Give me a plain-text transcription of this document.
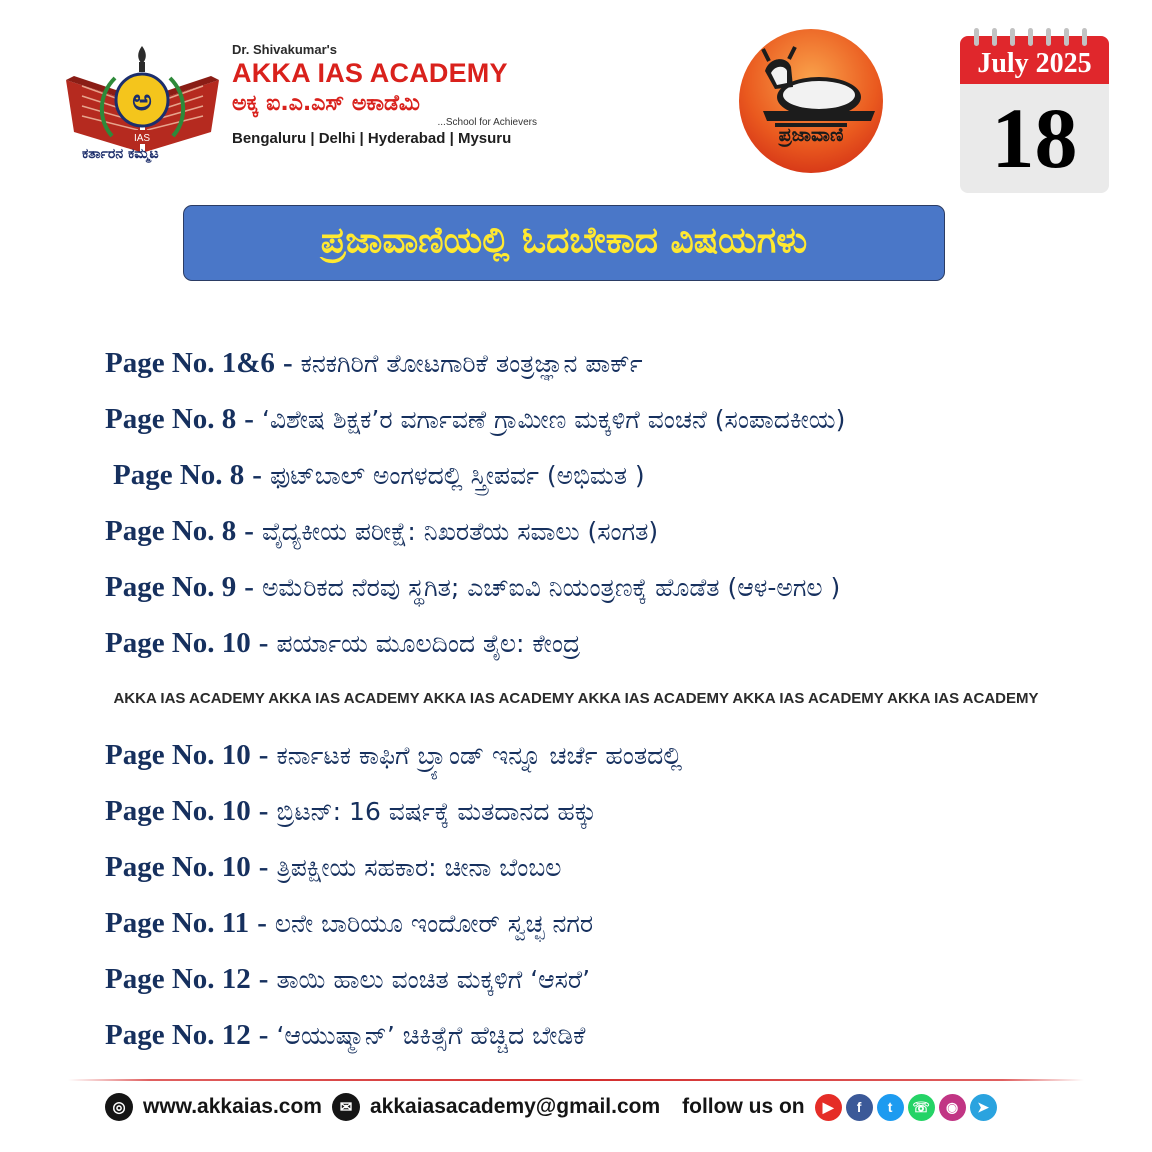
ಅ
IAS
ಕರ್ತಾರನ ಕಮ್ಮಟ
Dr. Shivakumar's
AKKA IAS ACADEMY
ಅಕ್ಕ ಐ.ಎ.ಎಸ್ ಅಕಾಡೆಮಿ
...School for Achievers
Bengaluru | Delhi | Hyderabad | Mysuru	ಪ್ರಜಾವಾಣಿ
July 2025
18
ಪ್ರಜಾವಾಣಿಯಲ್ಲಿ ಓದಬೇಕಾದ ವಿಷಯಗಳು
Page No. 1&6 - ಕನಕಗಿರಿಗೆ ತೋಟಗಾರಿಕೆ ತಂತ್ರಜ್ಞಾನ ಪಾರ್ಕ್
Page No. 8 - ‘ವಿಶೇಷ ಶಿಕ್ಷಕ’ರ ವರ್ಗಾವಣೆ ಗ್ರಾಮೀಣ ಮಕ್ಕಳಿಗೆ ವಂಚನೆ (ಸಂಪಾದಕೀಯ)
Page No. 8 - ಫುಟ್‌ಬಾಲ್ ಅಂಗಳದಲ್ಲಿ ಸ್ತ್ರೀಪರ್ವ (ಅಭಿಮತ )
Page No. 8 - ವೈದ್ಯಕೀಯ ಪರೀಕ್ಷೆ: ನಿಖರತೆಯ ಸವಾಲು (ಸಂಗತ)
Page No. 9 - ಅಮೆರಿಕದ ನೆರವು ಸ್ಥಗಿತ; ಎಚ್‌ಐವಿ ನಿಯಂತ್ರಣಕ್ಕೆ ಹೊಡೆತ (ಆಳ-ಅಗಲ )
Page No. 10 - ಪರ್ಯಾಯ ಮೂಲದಿಂದ ತೈಲ: ಕೇಂದ್ರ
AKKA IAS ACADEMY AKKA IAS ACADEMY AKKA IAS ACADEMY AKKA IAS ACADEMY AKKA IAS ACADEMY AKKA IAS ACADEMY
Page No. 10 - ಕರ್ನಾಟಕ ಕಾಫಿಗೆ ಬ್ರ್ಯಾಂಡ್ ಇನ್ನೂ ಚರ್ಚೆ ಹಂತದಲ್ಲಿ
Page No. 10 - ಬ್ರಿಟನ್: 16 ವರ್ಷಕ್ಕೆ ಮತದಾನದ ಹಕ್ಕು
Page No. 10 - ತ್ರಿಪಕ್ಷೀಯ ಸಹಕಾರ: ಚೀನಾ ಬೆಂಬಲ
Page No. 11 - ಲನೇ ಬಾರಿಯೂ ಇಂದೋರ್ ಸ್ವಚ್ಛ ನಗರ
Page No. 12 - ತಾಯಿ ಹಾಲು ವಂಚಿತ ಮಕ್ಕಳಿಗೆ ‘ಆಸರೆ’
Page No. 12 - ‘ಆಯುಷ್ಮಾನ್’ ಚಿಕಿತ್ಸೆಗೆ ಹೆಚ್ಚಿದ ಬೇಡಿಕೆ
◎ www.akkaias.com	✉ akkaiasacademy@gmail.com follow us on	▶	f	t	☏	◉	➤
